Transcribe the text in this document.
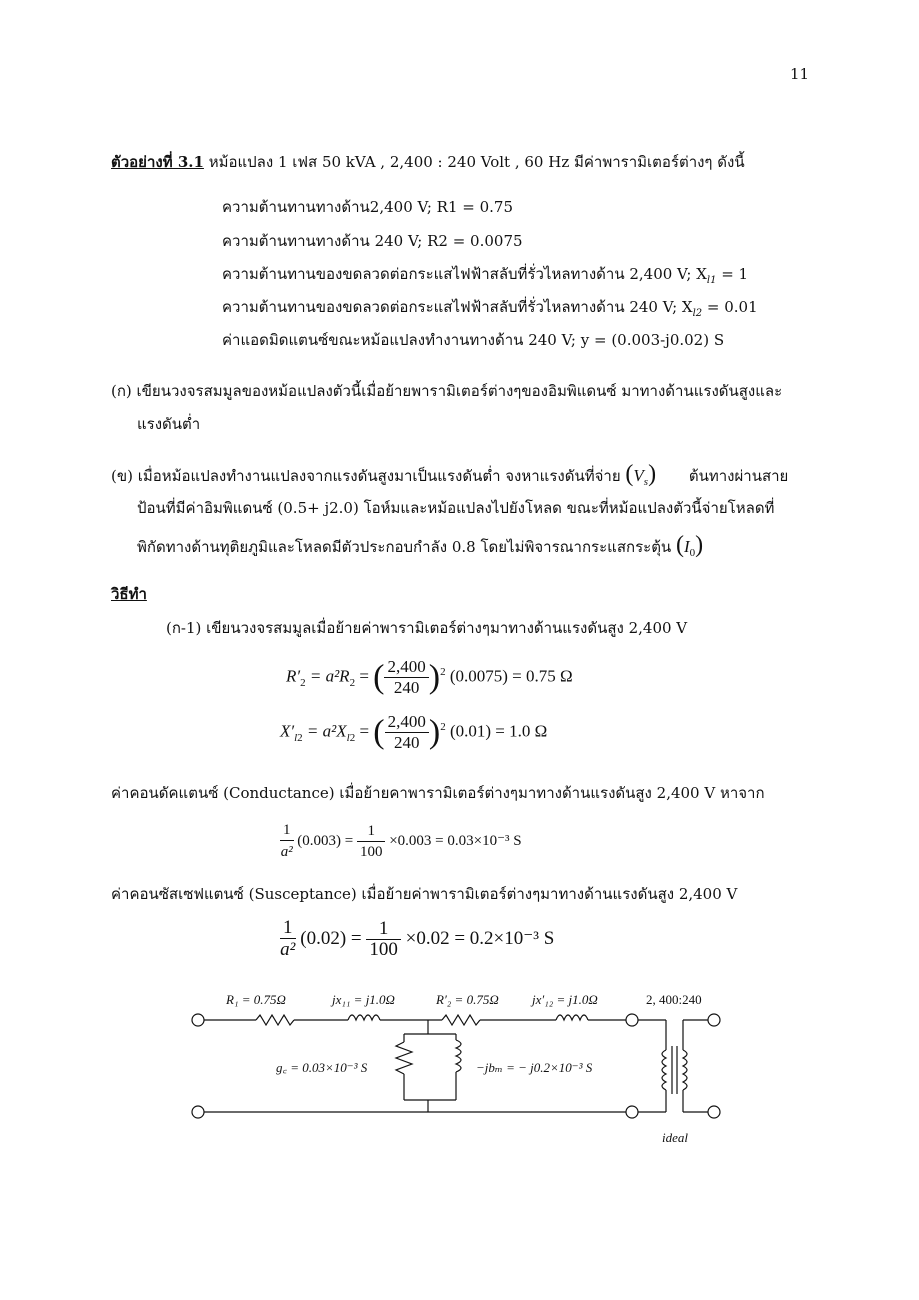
11
ตัวอย่างที่ 3.1 หม้อแปลง 1 เฟส 50 kVA , 2,400 : 240 Volt , 60 Hz มีค่าพารามิเตอร์ต่างๆ ดังนี้
ความต้านทานทางด้าน2,400 V; R1 = 0.75
ความต้านทานทางด้าน 240 V; R2 = 0.0075
ความต้านทานของขดลวดต่อกระแสไฟฟ้าสลับที่รั่วไหลทางด้าน 2,400 V; $X_{l1} = 1$
ความต้านทานของขดลวดต่อกระแสไฟฟ้าสลับที่รั่วไหลทางด้าน 240 V; $X_{l2} = 0.01$
ค่าแอดมิดแตนซ์ขณะหม้อแปลงทำงานทางด้าน 240 V; y = (0.003-j0.02) S
(ก) เขียนวงจรสมมูลของหม้อแปลงตัวนี้เมื่อย้ายพารามิเตอร์ต่างๆของอิมพิแดนซ์ มาทางด้านแรงดันสูงและ
แรงดันต่ำ
(ข) เมื่อหม้อแปลงทำงานแปลงจากแรงดันสูงมาเป็นแรงดันต่ำ จงหาแรงดันที่จ่าย $(V_s)$ ต้นทางผ่านสาย
ป้อนที่มีค่าอิมพิแดนซ์ (0.5+ j2.0) โอห์มและหม้อแปลงไปยังโหลด ขณะที่หม้อแปลงตัวนี้จ่ายโหลดที่
พิกัดทางด้านทุติยภูมิและโหลดมีตัวประกอบกำลัง 0.8 โดยไม่พิจารณากระแสกระตุ้น $(I_0)$
วิธีทำ
(ก-1) เขียนวงจรสมมูลเมื่อย้ายค่าพารามิเตอร์ต่างๆมาทางด้านแรงดันสูง 2,400 V
$R'_2 = a^2R_2$ = ( $\frac{2,400}{240} )^2$ (0.0075) = 0.75 Ω
$X'_{l2} = a^2X_{l2}$ = ( $\frac{2,400}{240} )^2$ (0.01) = 1.0 Ω
ค่าคอนดัคแตนซ์ (Conductance) เมื่อย้ายคาพารามิเตอร์ต่างๆมาทางด้านแรงดันสูง 2,400 V หาจาก
$\frac{1}{\text{a²}} (0.003) = \frac{1}{100} \times 0.003 = 0.03\times 10^{-3}$ S
ค่าคอนซัสเซฟแตนซ์ (Susceptance) เมื่อย้ายค่าพารามิเตอร์ต่างๆมาทางด้านแรงดันสูง 2,400 V
$\frac{1}{\text{a²}} (0.02) = \frac{1}{100} \times 0.02 = 0.2\times 10^{-3}$ S
R₁ = 0.75Ω	jx₁₁ = j1.0Ω	R′₂ = 0.75Ω	jx′₁₂ = j1.0Ω	2, 400:240
g꜀ = 0.03×10⁻³ S	−jbₘ = − j0.2×10⁻³ S
ideal
